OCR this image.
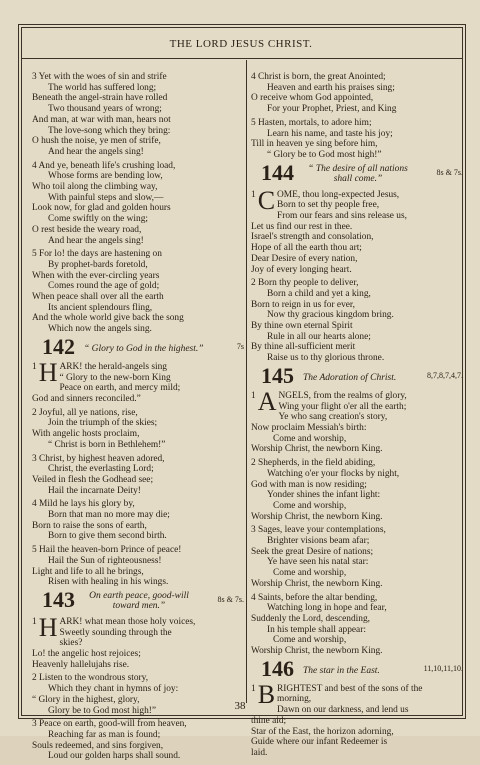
THE LORD JESUS CHRIST.
3 Yet with the woes of sin and strife
The world has suffered long;
Beneath the angel-strain have rolled
Two thousand years of wrong;
And man, at war with man, hears not
The love-song which they bring:
O hush the noise, ye men of strife,
And hear the angels sing!
4 And ye, beneath life's crushing load,
Whose forms are bending low,
Who toil along the climbing way,
With painful steps and slow,—
Look now, for glad and golden hours
Come swiftly on the wing;
O rest beside the weary road,
And hear the angels sing!
5 For lo! the days are hastening on
By prophet-bards foretold,
When with the ever-circling years
Comes round the age of gold;
When peace shall over all the earth
Its ancient splendours fling,
And the whole world give back the song
Which now the angels sing.
142 “ Glory to God in the highest.”	7s
1 H ARK! the herald-angels sing
“ Glory to the new-born King
Peace on earth, and mercy mild;
God and sinners reconciled.”
2 Joyful, all ye nations, rise,
Join the triumph of the skies;
With angelic hosts proclaim,
“ Christ is born in Bethlehem!”
3 Christ, by highest heaven adored,
Christ, the everlasting Lord;
Veiled in flesh the Godhead see;
Hail the incarnate Deity!
4 Mild he lays his glory by,
Born that man no more may die;
Born to raise the sons of earth,
Born to give them second birth.
5 Hail the heaven-born Prince of peace!
Hail the Sun of righteousness!
Light and life to all he brings,
Risen with healing in his wings.
143	On earth peace, good-will
toward men.”
8s & 7s.
1 H ARK! what mean those holy voices,
Sweetly sounding through the
skies?
Lo! the angelic host rejoices;
Heavenly hallelujahs rise.
2 Listen to the wondrous story,
Which they chant in hymns of joy:
“ Glory in the highest, glory,
Glory be to God most high!”
3 Peace on earth, good-will from heaven,
Reaching far as man is found;
Souls redeemed, and sins forgiven,
Loud our golden harps shall sound.
4 Christ is born, the great Anointed;
Heaven and earth his praises sing;
O receive whom God appointed,
For your Prophet, Priest, and King
5 Hasten, mortals, to adore him;
Learn his name, and taste his joy;
Till in heaven ye sing before him,
“ Glory be to God most high!”
144	“ The desire of all nations
shall come.”
8s & 7s.
1 C OME, thou long-expected Jesus,
Born to set thy people free,
From our fears and sins release us,
Let us find our rest in thee.
Israel's strength and consolation,
Hope of all the earth thou art;
Dear Desire of every nation,
Joy of every longing heart.
2 Born thy people to deliver,
Born a child and yet a king,
Born to reign in us for ever,
Now thy gracious kingdom bring.
By thine own eternal Spirit
Rule in all our hearts alone;
By thine all-sufficient merit
Raise us to thy glorious throne.
145 The Adoration of Christ.	8,7,8,7,4,7.
1 A NGELS, from the realms of glory,
Wing your flight o'er all the earth;
Ye who sang creation's story,
Now proclaim Messiah's birth:
Come and worship,
Worship Christ, the newborn King.
2 Shepherds, in the field abiding,
Watching o'er your flocks by night,
God with man is now residing;
Yonder shines the infant light:
Come and worship,
Worship Christ, the newborn King.
3 Sages, leave your contemplations,
Brighter visions beam afar;
Seek the great Desire of nations;
Ye have seen his natal star:
Come and worship,
Worship Christ, the newborn King.
4 Saints, before the altar bending,
Watching long in hope and fear,
Suddenly the Lord, descending,
In his temple shall appear:
Come and worship,
Worship Christ, the newborn King.
146 The star in the East.	11,10,11,10.
1 B RIGHTEST and best of the sons of the
morning,
Dawn on our darkness, and lend us
thine aid;
Star of the East, the horizon adorning,
Guide where our infant Redeemer is
laid.
38
